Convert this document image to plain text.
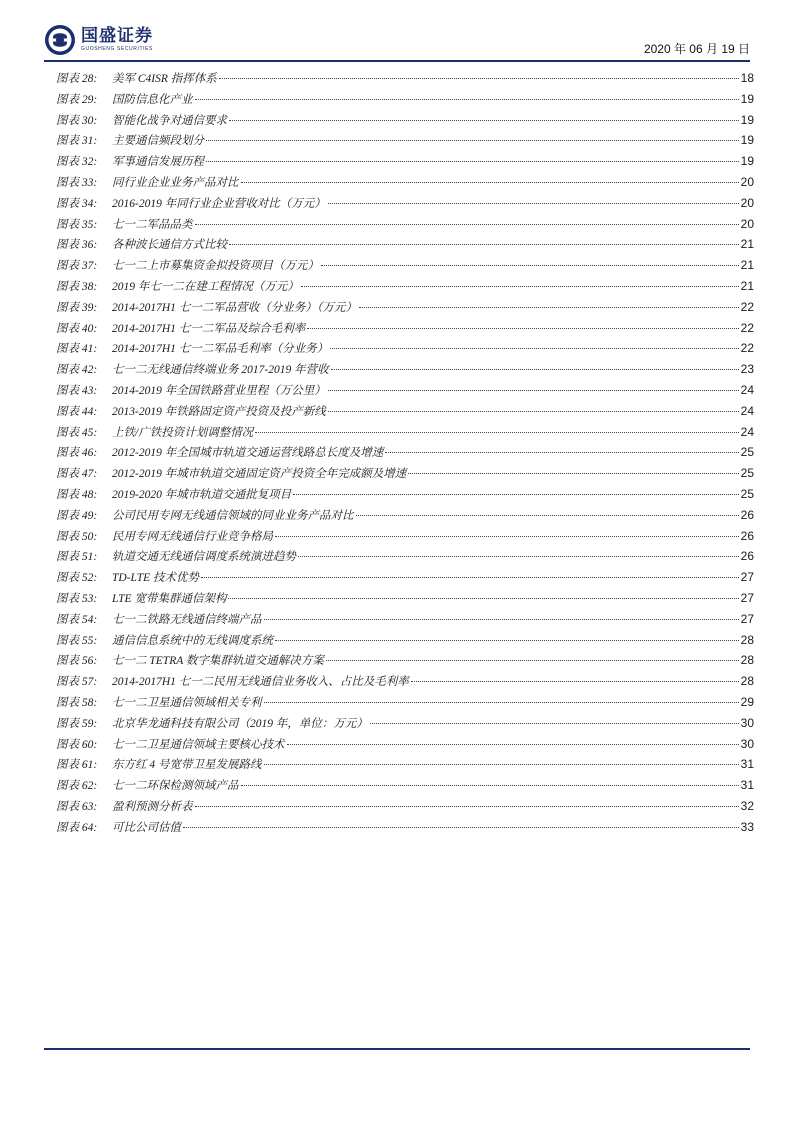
国盛证券
GUOSHENG SECURITIES	2020 年 06 月 19 日
图表 28:	美军 C4ISR 指挥体系	18
图表 29:	国防信息化产业	19
图表 30:	智能化战争对通信要求	19
图表 31:	主要通信频段划分	19
图表 32:	军事通信发展历程	19
图表 33:	同行业企业业务产品对比	20
图表 34:	2016-2019 年同行业企业营收对比（万元）	20
图表 35:	七一二军品品类	20
图表 36:	各种波长通信方式比较	21
图表 37:	七一二上市募集资金拟投资项目（万元）	21
图表 38:	2019 年七一二在建工程情况（万元）	21
图表 39:	2014-2017H1 七一二军品营收（分业务）（万元）	22
图表 40:	2014-2017H1 七一二军品及综合毛利率	22
图表 41:	2014-2017H1 七一二军品毛利率（分业务）	22
图表 42:	七一二无线通信终端业务 2017-2019 年营收	23
图表 43:	2014-2019 年全国铁路营业里程（万公里）	24
图表 44:	2013-2019 年铁路固定资产投资及投产新线	24
图表 45:	上铁/广铁投资计划调整情况	24
图表 46:	2012-2019 年全国城市轨道交通运营线路总长度及增速	25
图表 47:	2012-2019 年城市轨道交通固定资产投资全年完成额及增速	25
图表 48:	2019-2020 年城市轨道交通批复项目	25
图表 49:	公司民用专网无线通信领域的同业业务产品对比	26
图表 50:	民用专网无线通信行业竞争格局	26
图表 51:	轨道交通无线通信调度系统演进趋势	26
图表 52:	TD-LTE 技术优势	27
图表 53:	LTE 宽带集群通信架构	27
图表 54:	七一二铁路无线通信终端产品	27
图表 55:	通信信息系统中的无线调度系统	28
图表 56:	七一二 TETRA 数字集群轨道交通解决方案	28
图表 57:	2014-2017H1 七一二民用无线通信业务收入、占比及毛利率	28
图表 58:	七一二卫星通信领域相关专利	29
图表 59:	北京华龙通科技有限公司（2019 年，单位：万元）	30
图表 60:	七一二卫星通信领域主要核心技术	30
图表 61:	东方红 4 号宽带卫星发展路线	31
图表 62:	七一二环保检测领域产品	31
图表 63:	盈利预测分析表	32
图表 64:	可比公司估值	33
